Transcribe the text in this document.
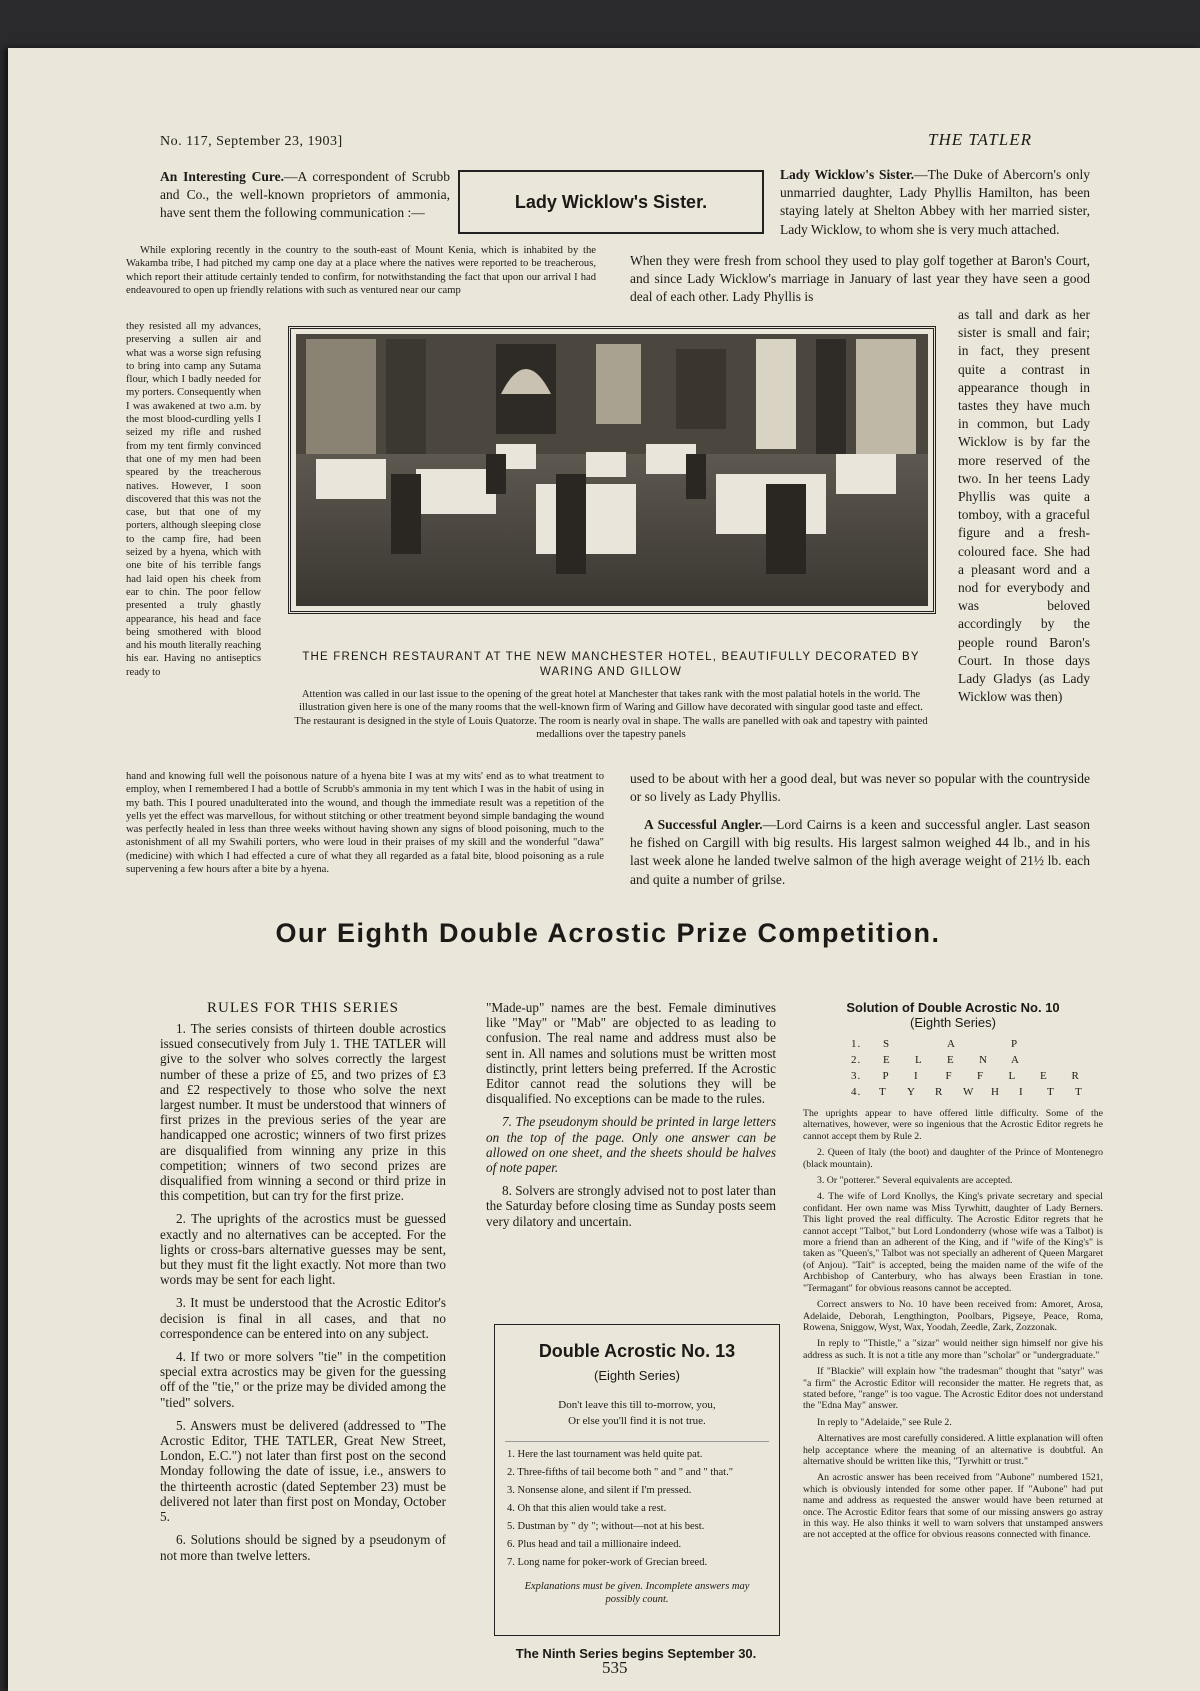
No. 117, September 23, 1903]	THE TATLER

An Interesting Cure.—A correspondent of Scrubb and Co., the well-known proprietors of ammonia, have sent them the following communication :—

While exploring recently in the country to the south-east of Mount Kenia, which is inhabited by the Wakamba tribe, I had pitched my camp one day at a place where the natives were reported to be treacherous, which report their attitude certainly tended to confirm, for notwithstanding the fact that upon our arrival I had endeavoured to open up friendly relations with such as ventured near our camp

they resisted all my advances, preserving a sullen air and what was a worse sign refusing to bring into camp any Sutama flour, which I badly needed for my porters. Consequently when I was awakened at two a.m. by the most blood-curdling yells I seized my rifle and rushed from my tent firmly convinced that one of my men had been speared by the treacherous natives. However, I soon discovered that this was not the case, but that one of my porters, although sleeping close to the camp fire, had been seized by a hyena, which with one bite of his terrible fangs had laid open his cheek from ear to chin. The poor fellow presented a truly ghastly appearance, his head and face being smothered with blood and his mouth literally reaching his ear. Having no antiseptics ready to

hand and knowing full well the poisonous nature of a hyena bite I was at my wits' end as to what treatment to employ, when I remembered I had a bottle of Scrubb's ammonia in my tent which I was in the habit of using in my bath. This I poured unadulterated into the wound, and though the immediate result was a repetition of the yells yet the effect was marvellous, for without stitching or other treatment beyond simple bandaging the wound was perfectly healed in less than three weeks without having shown any signs of blood poisoning, much to the astonishment of all my Swahili porters, who were loud in their praises of my skill and the wonderful "dawa" (medicine) with which I had effected a cure of what they all regarded as a fatal bite, blood poisoning as a rule supervening a few hours after a bite by a hyena.

Lady Wicklow's Sister.

Lady Wicklow's Sister.—The Duke of Abercorn's only unmarried daughter, Lady Phyllis Hamilton, has been staying lately at Shelton Abbey with her married sister, Lady Wicklow, to whom she is very much attached.

When they were fresh from school they used to play golf together at Baron's Court, and since Lady Wicklow's marriage in January of last year they have seen a good deal of each other. Lady Phyllis is

as tall and dark as her sister is small and fair; in fact, they present quite a contrast in appearance though in tastes they have much in common, but Lady Wicklow is by far the more reserved of the two. In her teens Lady Phyllis was quite a tomboy, with a graceful figure and a fresh-coloured face. She had a pleasant word and a nod for everybody and was beloved accordingly by the people round Baron's Court. In those days Lady Gladys (as Lady Wicklow was then)

used to be about with her a good deal, but was never so popular with the countryside or so lively as Lady Phyllis.

THE FRENCH RESTAURANT AT THE NEW MANCHESTER HOTEL, BEAUTIFULLY DECORATED BY WARING AND GILLOW

Attention was called in our last issue to the opening of the great hotel at Manchester that takes rank with the most palatial hotels in the world. The illustration given here is one of the many rooms that the well-known firm of Waring and Gillow have decorated with singular good taste and effect. The restaurant is designed in the style of Louis Quatorze. The room is nearly oval in shape. The walls are panelled with oak and tapestry with painted medallions over the tapestry panels

A Successful Angler.—Lord Cairns is a keen and successful angler. Last season he fished on Cargill with big results. His largest salmon weighed 44 lb., and in his last week alone he landed twelve salmon of the high average weight of 21½ lb. each and quite a number of grilse.

Our Eighth Double Acrostic Prize Competition.
RULES FOR THIS SERIES

1. The series consists of thirteen double acrostics issued consecutively from July 1. THE TATLER will give to the solver who solves correctly the largest number of these a prize of £5, and two prizes of £3 and £2 respectively to those who solve the next largest number. It must be understood that winners of first prizes in the previous series of the year are handicapped one acrostic; winners of two first prizes are disqualified from winning any prize in this competition; winners of two second prizes are disqualified from winning a second or third prize in this competition, but can try for the first prize.

2. The uprights of the acrostics must be guessed exactly and no alternatives can be accepted. For the lights or cross-bars alternative guesses may be sent, but they must fit the light exactly. Not more than two words may be sent for each light.

3. It must be understood that the Acrostic Editor's decision is final in all cases, and that no correspondence can be entered into on any subject.

4. If two or more solvers "tie" in the competition special extra acrostics may be given for the guessing off of the "tie," or the prize may be divided among the "tied" solvers.

5. Answers must be delivered (addressed to "The Acrostic Editor, THE TATLER, Great New Street, London, E.C.") not later than first post on the second Monday following the date of issue, i.e., answers to the thirteenth acrostic (dated September 23) must be delivered not later than first post on Monday, October 5.

6. Solutions should be signed by a pseudonym of not more than twelve letters.

"Made-up" names are the best. Female diminutives like "May" or "Mab" are objected to as leading to confusion. The real name and address must also be sent in. All names and solutions must be written most distinctly, print letters being preferred. If the Acrostic Editor cannot read the solutions they will be disqualified. No exceptions can be made to the rules.

7. The pseudonym should be printed in large letters on the top of the page. Only one answer can be allowed on one sheet, and the sheets should be halves of note paper.

8. Solvers are strongly advised not to post later than the Saturday before closing time as Sunday posts seem very dilatory and uncertain.

Double Acrostic No. 13
(Eighth Series)
Don't leave this till to-morrow, you,
Or else you'll find it is not true.
1. Here the last tournament was held quite pat.
2. Three-fifths of tail become both " and " and " that."
3. Nonsense alone, and silent if I'm pressed.
4. Oh that this alien would take a rest.
5. Dustman by " dy "; without—not at his best.
6. Plus head and tail a millionaire indeed.
7. Long name for poker-work of Grecian breed.
Explanations must be given. Incomplete answers may possibly count.
The Ninth Series begins September 30.
Solution of Double Acrostic No. 10
(Eighth Series)
1.	S	A	P
2.	E	L	E	N	A
3.	P	I	F	F	L	E	R
4.	T	Y	R	W	H	I	T	T

The uprights appear to have offered little difficulty. Some of the alternatives, however, were so ingenious that the Acrostic Editor regrets he cannot accept them by Rule 2.

2. Queen of Italy (the boot) and daughter of the Prince of Montenegro (black mountain).

3. Or "potterer." Several equivalents are accepted.

4. The wife of Lord Knollys, the King's private secretary and special confidant. Her own name was Miss Tyrwhitt, daughter of Lady Berners. This light proved the real difficulty. The Acrostic Editor regrets that he cannot accept "Talbot," but Lord Londonderry (whose wife was a Talbot) is more a friend than an adherent of the King, and if "wife of the King's" is taken as "Queen's," Talbot was not specially an adherent of Queen Margaret (of Anjou). "Tait" is accepted, being the maiden name of the wife of the Archbishop of Canterbury, who has always been Erastian in tone. "Termagant" for obvious reasons cannot be accepted.

Correct answers to No. 10 have been received from: Amoret, Arosa, Adelaide, Deborah, Lengthington, Poolbars, Pigseye, Peace, Roma, Rowena, Sniggow, Wyst, Wax, Yoodah, Zeedle, Zark, Zozzonak.

In reply to "Thistle," a "sizar" would neither sign himself nor give his address as such. It is not a title any more than "scholar" or "undergraduate."

If "Blackie" will explain how "the tradesman" thought that "satyr" was "a firm" the Acrostic Editor will reconsider the matter. He regrets that, as stated before, "range" is too vague. The Acrostic Editor does not understand the "Edna May" answer.

In reply to "Adelaide," see Rule 2.

Alternatives are most carefully considered. A little explanation will often help acceptance where the meaning of an alternative is doubtful. An alternative should be written like this, "Tyrwhitt or trust."

An acrostic answer has been received from "Aubone" numbered 1521, which is obviously intended for some other paper. If "Aubone" had put name and address as requested the answer would have been returned at once. The Acrostic Editor fears that some of our missing answers go astray in this way. He also thinks it well to warn solvers that unstamped answers are not accepted at the office for obvious reasons connected with finance.

535
